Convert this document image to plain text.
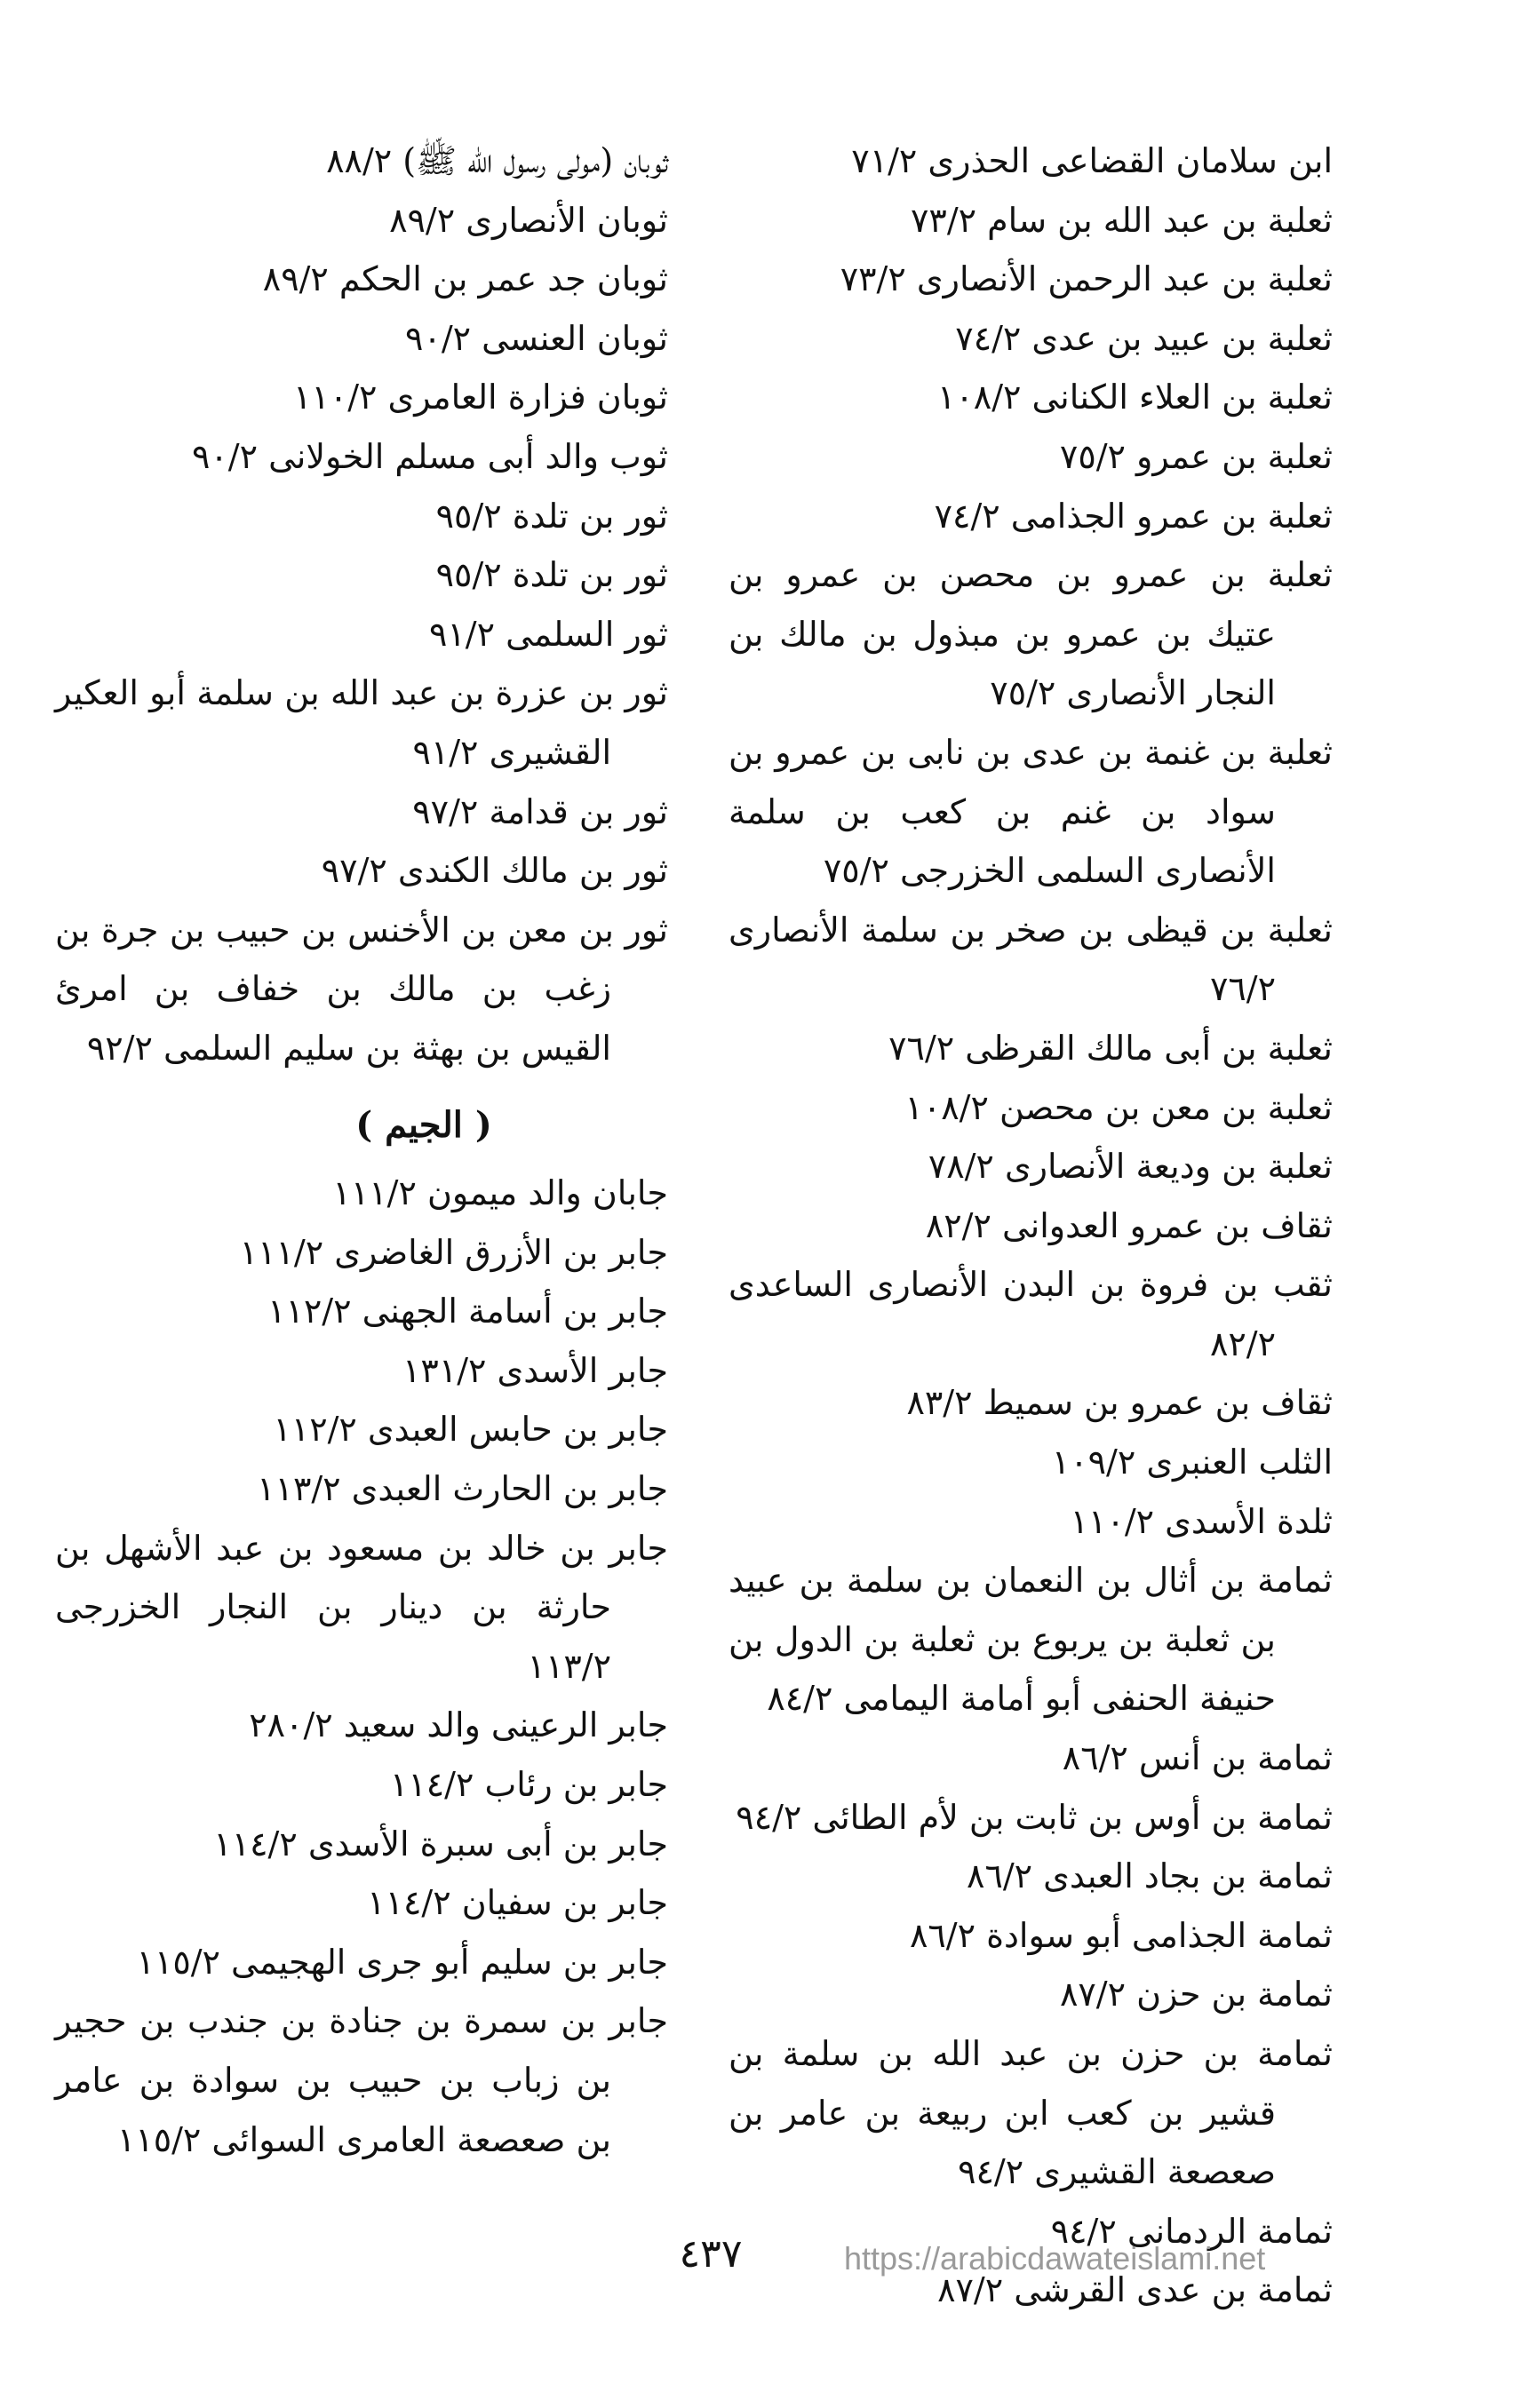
ابن سلامان القضاعى الحذرى ٧١/٢
ثعلبة بن عبد الله بن سام ٧٣/٢
ثعلبة بن عبد الرحمن الأنصارى ٧٣/٢
ثعلبة بن عبيد بن عدى ٧٤/٢
ثعلبة بن العلاء الكنانى ١٠٨/٢
ثعلبة بن عمرو ٧٥/٢
ثعلبة بن عمرو الجذامى ٧٤/٢
ثعلبة بن عمرو بن محصن بن عمرو بن عتيك بن عمرو بن مبذول بن مالك بن النجار الأنصارى ٧٥/٢
ثعلبة بن غنمة بن عدى بن نابى بن عمرو بن سواد بن غنم بن كعب بن سلمة الأنصارى السلمى الخزرجى ٧٥/٢
ثعلبة بن قيظى بن صخر بن سلمة الأنصارى ٧٦/٢
ثعلبة بن أبى مالك القرظى ٧٦/٢
ثعلبة بن معن بن محصن ١٠٨/٢
ثعلبة بن وديعة الأنصارى ٧٨/٢
ثقاف بن عمرو العدوانى ٨٢/٢
ثقب بن فروة بن البدن الأنصارى الساعدى ٨٢/٢
ثقاف بن عمرو بن سميط ٨٣/٢
الثلب العنبرى ١٠٩/٢
ثلدة الأسدى ١١٠/٢
ثمامة بن أثال بن النعمان بن سلمة بن عبيد بن ثعلبة بن يربوع بن ثعلبة بن الدول بن حنيفة الحنفى أبو أمامة اليمامى ٨٤/٢
ثمامة بن أنس ٨٦/٢
ثمامة بن أوس بن ثابت بن لأم الطائى ٩٤/٢
ثمامة بن بجاد العبدى ٨٦/٢
ثمامة الجذامى أبو سوادة ٨٦/٢
ثمامة بن حزن ٨٧/٢
ثمامة بن حزن بن عبد الله بن سلمة بن قشير بن كعب ابن ربيعة بن عامر بن صعصعة القشيرى ٩٤/٢
ثمامة الردمانى ٩٤/٢
ثمامة بن عدى القرشى ٨٧/٢
ثوبان (مولى رسول الله ﷺ) ٨٨/٢
ثوبان الأنصارى ٨٩/٢
ثوبان جد عمر بن الحكم ٨٩/٢
ثوبان العنسى ٩٠/٢
ثوبان فزارة العامرى ١١٠/٢
ثوب والد أبى مسلم الخولانى ٩٠/٢
ثور بن تلدة ٩٥/٢
ثور بن تلدة ٩٥/٢
ثور السلمى ٩١/٢
ثور بن عزرة بن عبد الله بن سلمة أبو العكير القشيرى ٩١/٢
ثور بن قدامة ٩٧/٢
ثور بن مالك الكندى ٩٧/٢
ثور بن معن بن الأخنس بن حبيب بن جرة بن زغب بن مالك بن خفاف بن امرئ القيس بن بهثة بن سليم السلمى ٩٢/٢
( الجيم )
جابان والد ميمون ١١١/٢
جابر بن الأزرق الغاضرى ١١١/٢
جابر بن أسامة الجهنى ١١٢/٢
جابر الأسدى ١٣١/٢
جابر بن حابس العبدى ١١٢/٢
جابر بن الحارث العبدى ١١٣/٢
جابر بن خالد بن مسعود بن عبد الأشهل بن حارثة بن دينار بن النجار الخزرجى ١١٣/٢
جابر الرعينى والد سعيد ٢٨٠/٢
جابر بن رئاب ١١٤/٢
جابر بن أبى سبرة الأسدى ١١٤/٢
جابر بن سفيان ١١٤/٢
جابر بن سليم أبو جرى الهجيمى ١١٥/٢
جابر بن سمرة بن جنادة بن جندب بن حجير بن زباب بن حبيب بن سوادة بن عامر بن صعصعة العامرى السوائى ١١٥/٢
٤٣٧	https://arabicdawateislami.net
